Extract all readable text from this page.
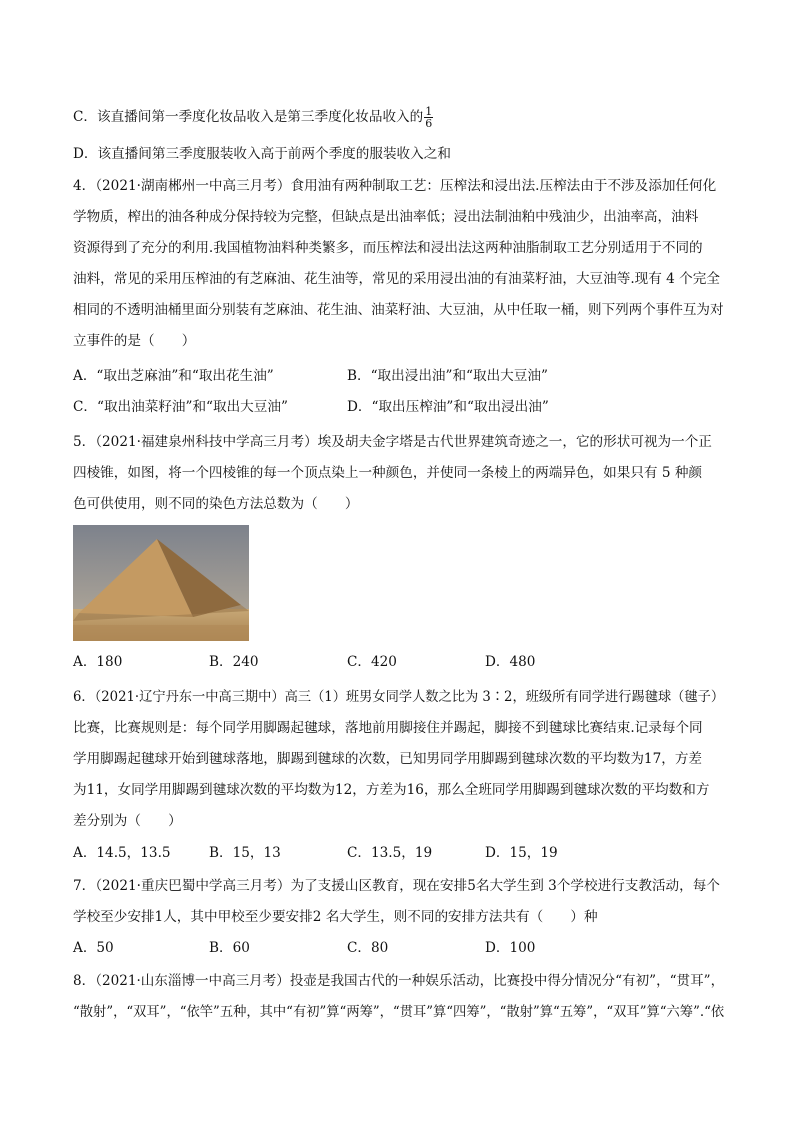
C．该直播间第一季度化妆品收入是第三季度化妆品收入的 $\frac{1}{6}$
D．该直播间第三季度服装收入高于前两个季度的服装收入之和
4．（2021·湖南郴州一中高三月考）食用油有两种制取工艺：压榨法和浸出法.压榨法由于不涉及添加任何化
学物质，榨出的油各种成分保持较为完整，但缺点是出油率低；浸出法制油粕中残油少，出油率高，油料
资源得到了充分的利用.我国植物油料种类繁多，而压榨法和浸出法这两种油脂制取工艺分别适用于不同的
油料，常见的采用压榨油的有芝麻油、花生油等，常见的采用浸出油的有油菜籽油，大豆油等.现有 4 个完全
相同的不透明油桶里面分别装有芝麻油、花生油、油菜籽油、大豆油，从中任取一桶，则下列两个事件互为对
立事件的是（　　）
A．“取出芝麻油”和“取出花生油”	B．“取出浸出油”和“取出大豆油”
C．“取出油菜籽油”和“取出大豆油”	D．“取出压榨油”和“取出浸出油”
5．（2021·福建泉州科技中学高三月考）埃及胡夫金字塔是古代世界建筑奇迹之一，它的形状可视为一个正
四棱锥，如图，将一个四棱锥的每一个顶点染上一种颜色，并使同一条棱上的两端异色，如果只有 5 种颜
色可供使用，则不同的染色方法总数为（　　）
A．180	B．240	C．420	D．480
6．（2021·辽宁丹东一中高三期中）高三（1）班男女同学人数之比为 3∶2，班级所有同学进行踢毽球（毽子）
比赛，比赛规则是：每个同学用脚踢起毽球，落地前用脚接住并踢起，脚接不到毽球比赛结束.记录每个同
学用脚踢起毽球开始到毽球落地，脚踢到毽球的次数，已知男同学用脚踢到毽球次数的平均数为17，方差
为11，女同学用脚踢到毽球次数的平均数为12，方差为16，那么全班同学用脚踢到毽球次数的平均数和方
差分别为（　　）
A．14.5，13.5	B．15，13	C．13.5，19	D．15，19
7．（2021·重庆巴蜀中学高三月考）为了支援山区教育，现在安排5名大学生到 3个学校进行支教活动，每个
学校至少安排1人，其中甲校至少要安排2 名大学生，则不同的安排方法共有（　　）种
A．50	B．60	C．80	D．100
8．（2021·山东淄博一中高三月考）投壶是我国古代的一种娱乐活动，比赛投中得分情况分“有初”，“贯耳”，
“散射”，“双耳”，“依竿”五种，其中“有初”算“两筹”，“贯耳”算“四筹”，“散射”算“五筹”，“双耳”算“六筹”.“依
